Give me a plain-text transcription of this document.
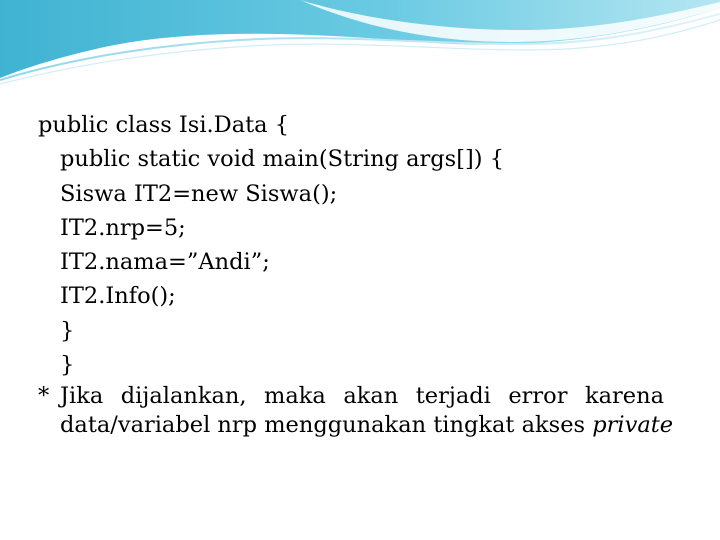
public class Isi.Data {
public static void main(String args[]) {
Siswa IT2=new Siswa();
IT2.nrp=5;
IT2.nama=”Andi”;
IT2.Info();
}
}
* Jika dijalankan, maka akan terjadi error karena
data/variabel nrp menggunakan tingkat akses private
